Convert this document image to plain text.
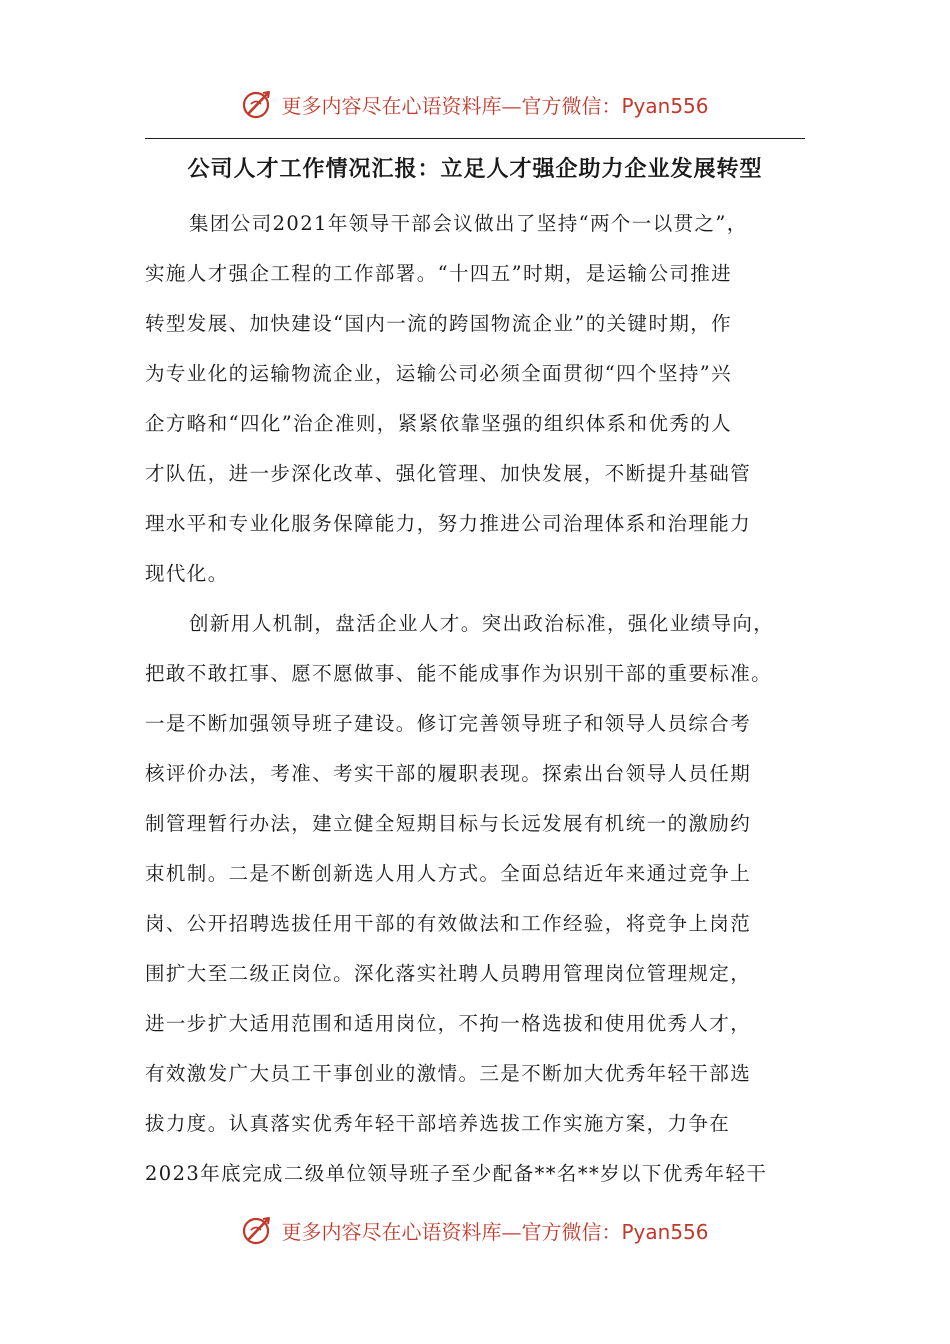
更多内容尽在心语资料库—官方微信：Pyan556
公司人才工作情况汇报：立足人才强企助力企业发展转型
集团公司2021年领导干部会议做出了坚持“两个一以贯之”，
实施人才强企工程的工作部署。“十四五”时期，是运输公司推进
转型发展、加快建设“国内一流的跨国物流企业”的关键时期，作
为专业化的运输物流企业，运输公司必须全面贯彻“四个坚持”兴
企方略和“四化”治企准则，紧紧依靠坚强的组织体系和优秀的人
才队伍，进一步深化改革、强化管理、加快发展，不断提升基础管
理水平和专业化服务保障能力，努力推进公司治理体系和治理能力
现代化。
创新用人机制，盘活企业人才。突出政治标准，强化业绩导向，
把敢不敢扛事、愿不愿做事、能不能成事作为识别干部的重要标准。
一是不断加强领导班子建设。修订完善领导班子和领导人员综合考
核评价办法，考准、考实干部的履职表现。探索出台领导人员任期
制管理暂行办法，建立健全短期目标与长远发展有机统一的激励约
束机制。二是不断创新选人用人方式。全面总结近年来通过竞争上
岗、公开招聘选拔任用干部的有效做法和工作经验，将竞争上岗范
围扩大至二级正岗位。深化落实社聘人员聘用管理岗位管理规定，
进一步扩大适用范围和适用岗位，不拘一格选拔和使用优秀人才，
有效激发广大员工干事创业的激情。三是不断加大优秀年轻干部选
拔力度。认真落实优秀年轻干部培养选拔工作实施方案，力争在
2023年底完成二级单位领导班子至少配备**名**岁以下优秀年轻干
更多内容尽在心语资料库—官方微信：Pyan556
